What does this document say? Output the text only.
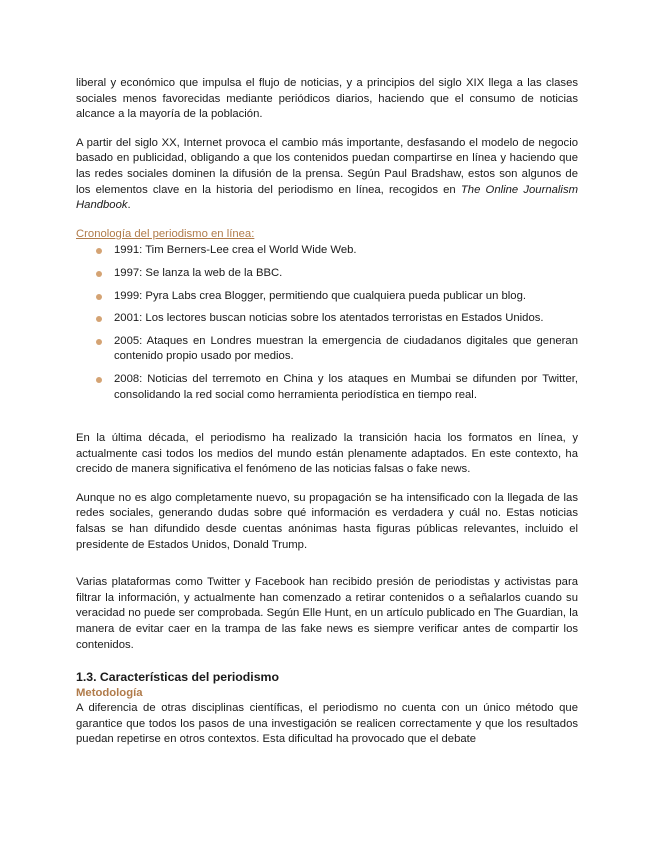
liberal y económico que impulsa el flujo de noticias, y a principios del siglo XIX llega a las clases sociales menos favorecidas mediante periódicos diarios, haciendo que el consumo de noticias alcance a la mayoría de la población.

A partir del siglo XX, Internet provoca el cambio más importante, desfasando el modelo de negocio basado en publicidad, obligando a que los contenidos puedan compartirse en línea y haciendo que las redes sociales dominen la difusión de la prensa. Según Paul Bradshaw, estos son algunos de los elementos clave en la historia del periodismo en línea, recogidos en The Online Journalism Handbook.

Cronología del periodismo en línea:
1991: Tim Berners-Lee crea el World Wide Web.
1997: Se lanza la web de la BBC.
1999: Pyra Labs crea Blogger, permitiendo que cualquiera pueda publicar un blog.
2001: Los lectores buscan noticias sobre los atentados terroristas en Estados Unidos.
2005: Ataques en Londres muestran la emergencia de ciudadanos digitales que generan contenido propio usado por medios.
2008: Noticias del terremoto en China y los ataques en Mumbai se difunden por Twitter, consolidando la red social como herramienta periodística en tiempo real.

En la última década, el periodismo ha realizado la transición hacia los formatos en línea, y actualmente casi todos los medios del mundo están plenamente adaptados. En este contexto, ha crecido de manera significativa el fenómeno de las noticias falsas o fake news.

Aunque no es algo completamente nuevo, su propagación se ha intensificado con la llegada de las redes sociales, generando dudas sobre qué información es verdadera y cuál no. Estas noticias falsas se han difundido desde cuentas anónimas hasta figuras públicas relevantes, incluido el presidente de Estados Unidos, Donald Trump.

Varias plataformas como Twitter y Facebook han recibido presión de periodistas y activistas para filtrar la información, y actualmente han comenzado a retirar contenidos o a señalarlos cuando su veracidad no puede ser comprobada. Según Elle Hunt, en un artículo publicado en The Guardian, la manera de evitar caer en la trampa de las fake news es siempre verificar antes de compartir los contenidos.

1.3. Características del periodismo
Metodología

A diferencia de otras disciplinas científicas, el periodismo no cuenta con un único método que garantice que todos los pasos de una investigación se realicen correctamente y que los resultados puedan repetirse en otros contextos. Esta dificultad ha provocado que el debate
